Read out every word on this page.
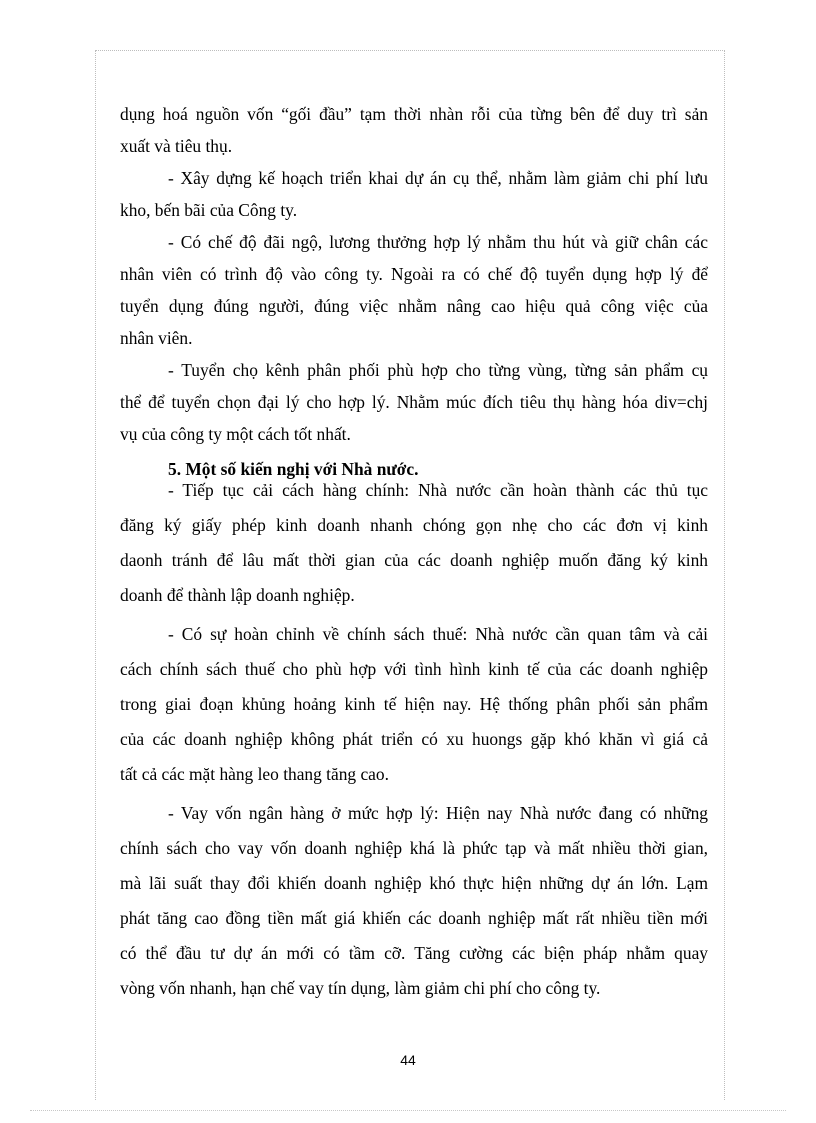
dụng hoá nguồn vốn “gối đầu” tạm thời nhàn rỗi của từng bên để duy trì sản
xuất và tiêu thụ.
- Xây dựng kế hoạch triển khai dự án cụ thể, nhằm làm giảm chi phí lưu
kho, bến bãi của Công ty.
- Có chế độ đãi ngộ, lương thưởng hợp lý nhằm thu hút và giữ chân các
nhân viên có trình độ vào công ty. Ngoài ra có chế độ tuyển dụng hợp lý để
tuyển dụng đúng người, đúng việc nhằm nâng cao hiệu quả công việc của
nhân viên.
- Tuyển chọ kênh phân phối phù hợp cho từng vùng, từng sản phẩm cụ
thể để tuyển chọn đại lý cho hợp lý. Nhằm múc đích tiêu thụ hàng hóa div=chj
vụ của công ty một cách tốt nhất.
5. Một số kiến nghị với Nhà nước.
- Tiếp tục cải cách hàng chính: Nhà nước cần hoàn thành các thủ tục
đăng ký giấy phép kinh doanh nhanh chóng gọn nhẹ cho các đơn vị kinh
daonh tránh để lâu mất thời gian của các doanh nghiệp muốn đăng ký kinh
doanh để thành lập doanh nghiệp.
- Có sự hoàn chỉnh về chính sách thuế: Nhà nước cần quan tâm và cải
cách chính sách thuế cho phù hợp với tình hình kinh tế của các doanh nghiệp
trong giai đoạn khủng hoảng kinh tế hiện nay. Hệ thống phân phối sản phẩm
của các doanh nghiệp không phát triển có xu huongs gặp khó khăn vì giá cả
tất cả các mặt hàng leo thang tăng cao.
- Vay vốn ngân hàng ở mức hợp lý: Hiện nay Nhà nước đang có những
chính sách cho vay vốn doanh nghiệp khá là phức tạp và mất nhiều thời gian,
mà lãi suất thay đổi khiến doanh nghiệp khó thực hiện những dự án lớn. Lạm
phát tăng cao đồng tiền mất giá khiến các doanh nghiệp mất rất nhiều tiền mới
có thể đầu tư dự án mới có tầm cỡ. Tăng cường các biện pháp nhằm quay
vòng vốn nhanh, hạn chế vay tín dụng, làm giảm chi phí cho công ty.
44
